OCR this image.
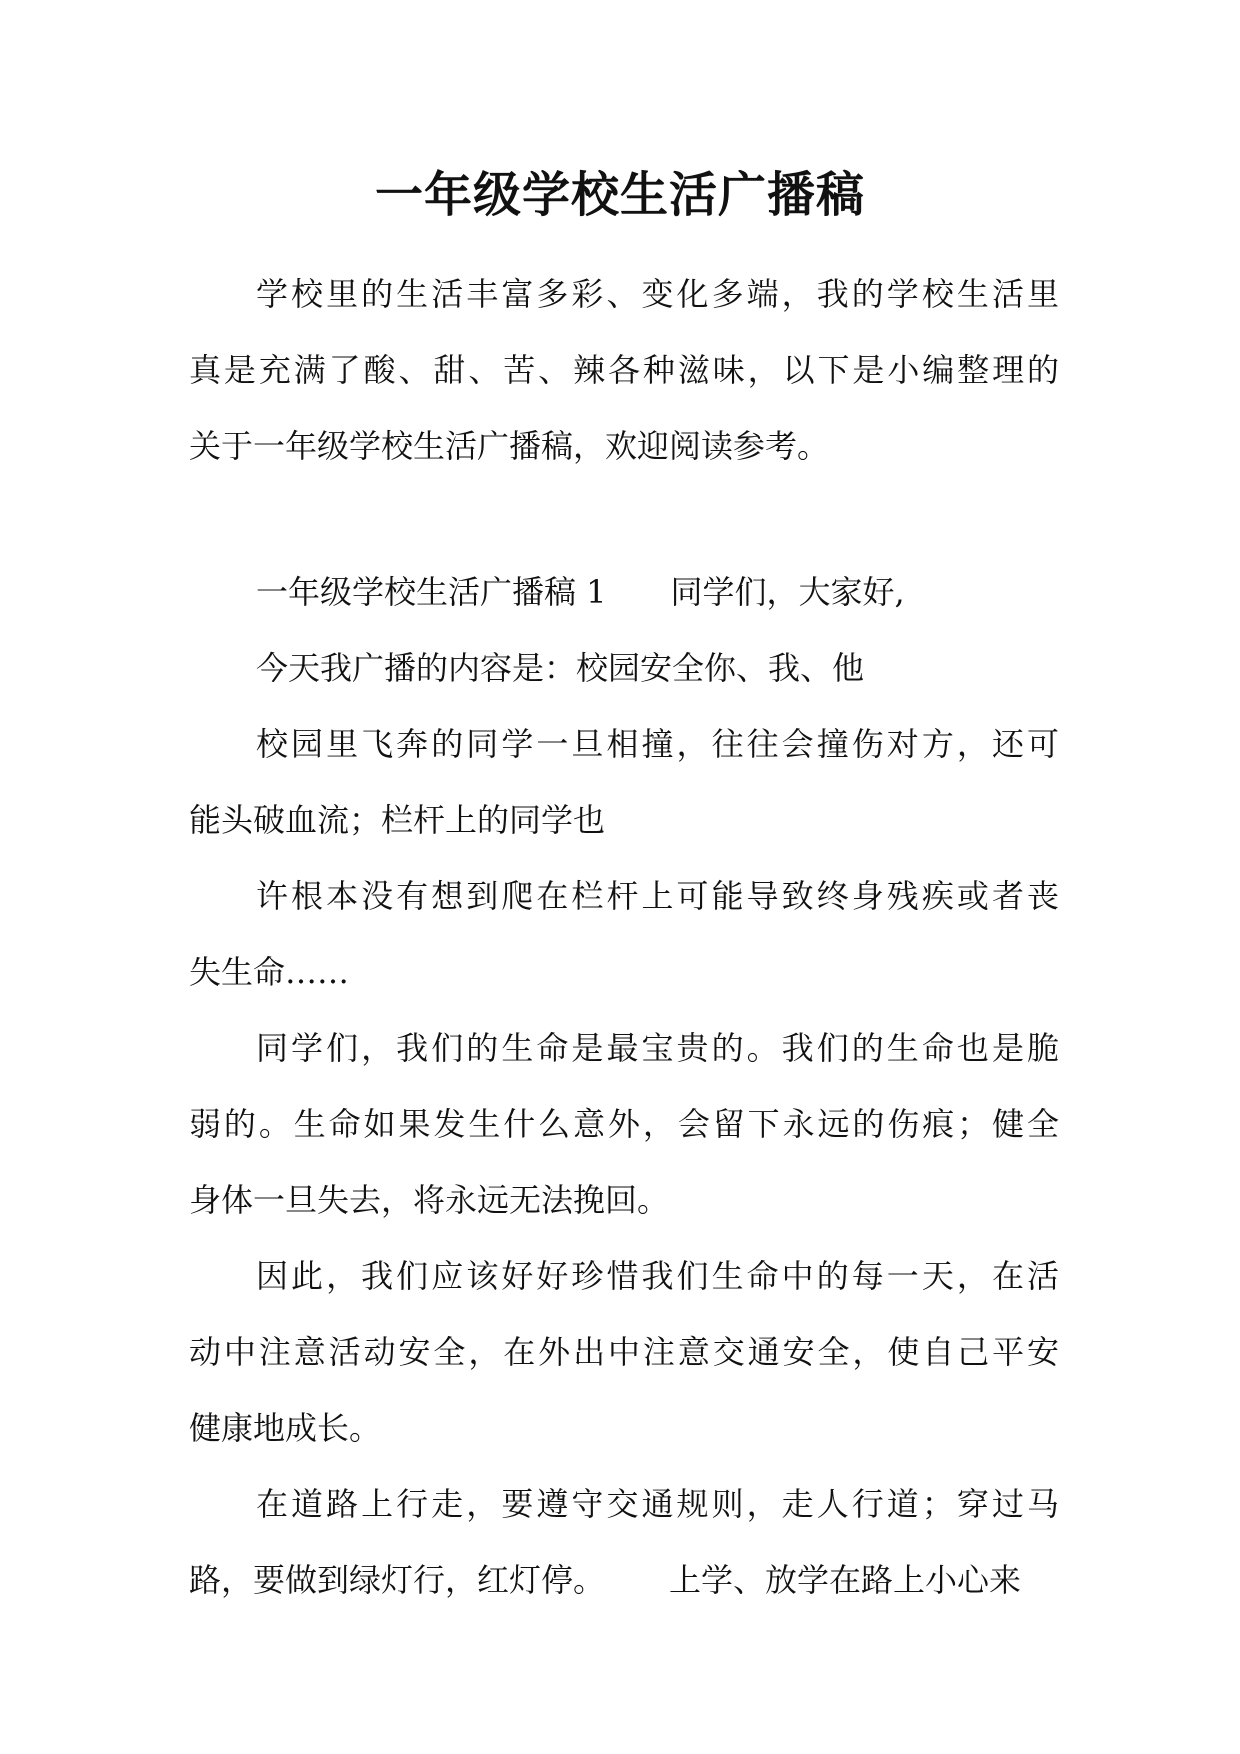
一年级学校生活广播稿
学校里的生活丰富多彩、变化多端，我的学校生活里
真是充满了酸、甜、苦、辣各种滋味，以下是小编整理的
关于一年级学校生活广播稿，欢迎阅读参考。
一年级学校生活广播稿 1 同学们，大家好,
今天我广播的内容是：校园安全你、我、他
校园里飞奔的同学一旦相撞，往往会撞伤对方，还可
能头破血流；栏杆上的同学也
许根本没有想到爬在栏杆上可能导致终身残疾或者丧
失生命……
同学们，我们的生命是最宝贵的。我们的生命也是脆
弱的。生命如果发生什么意外，会留下永远的伤痕；健全
身体一旦失去，将永远无法挽回。
因此，我们应该好好珍惜我们生命中的每一天，在活
动中注意活动安全，在外出中注意交通安全，使自己平安
健康地成长。
在道路上行走，要遵守交通规则，走人行道；穿过马
路，要做到绿灯行，红灯停。 上学、放学在路上小心来
